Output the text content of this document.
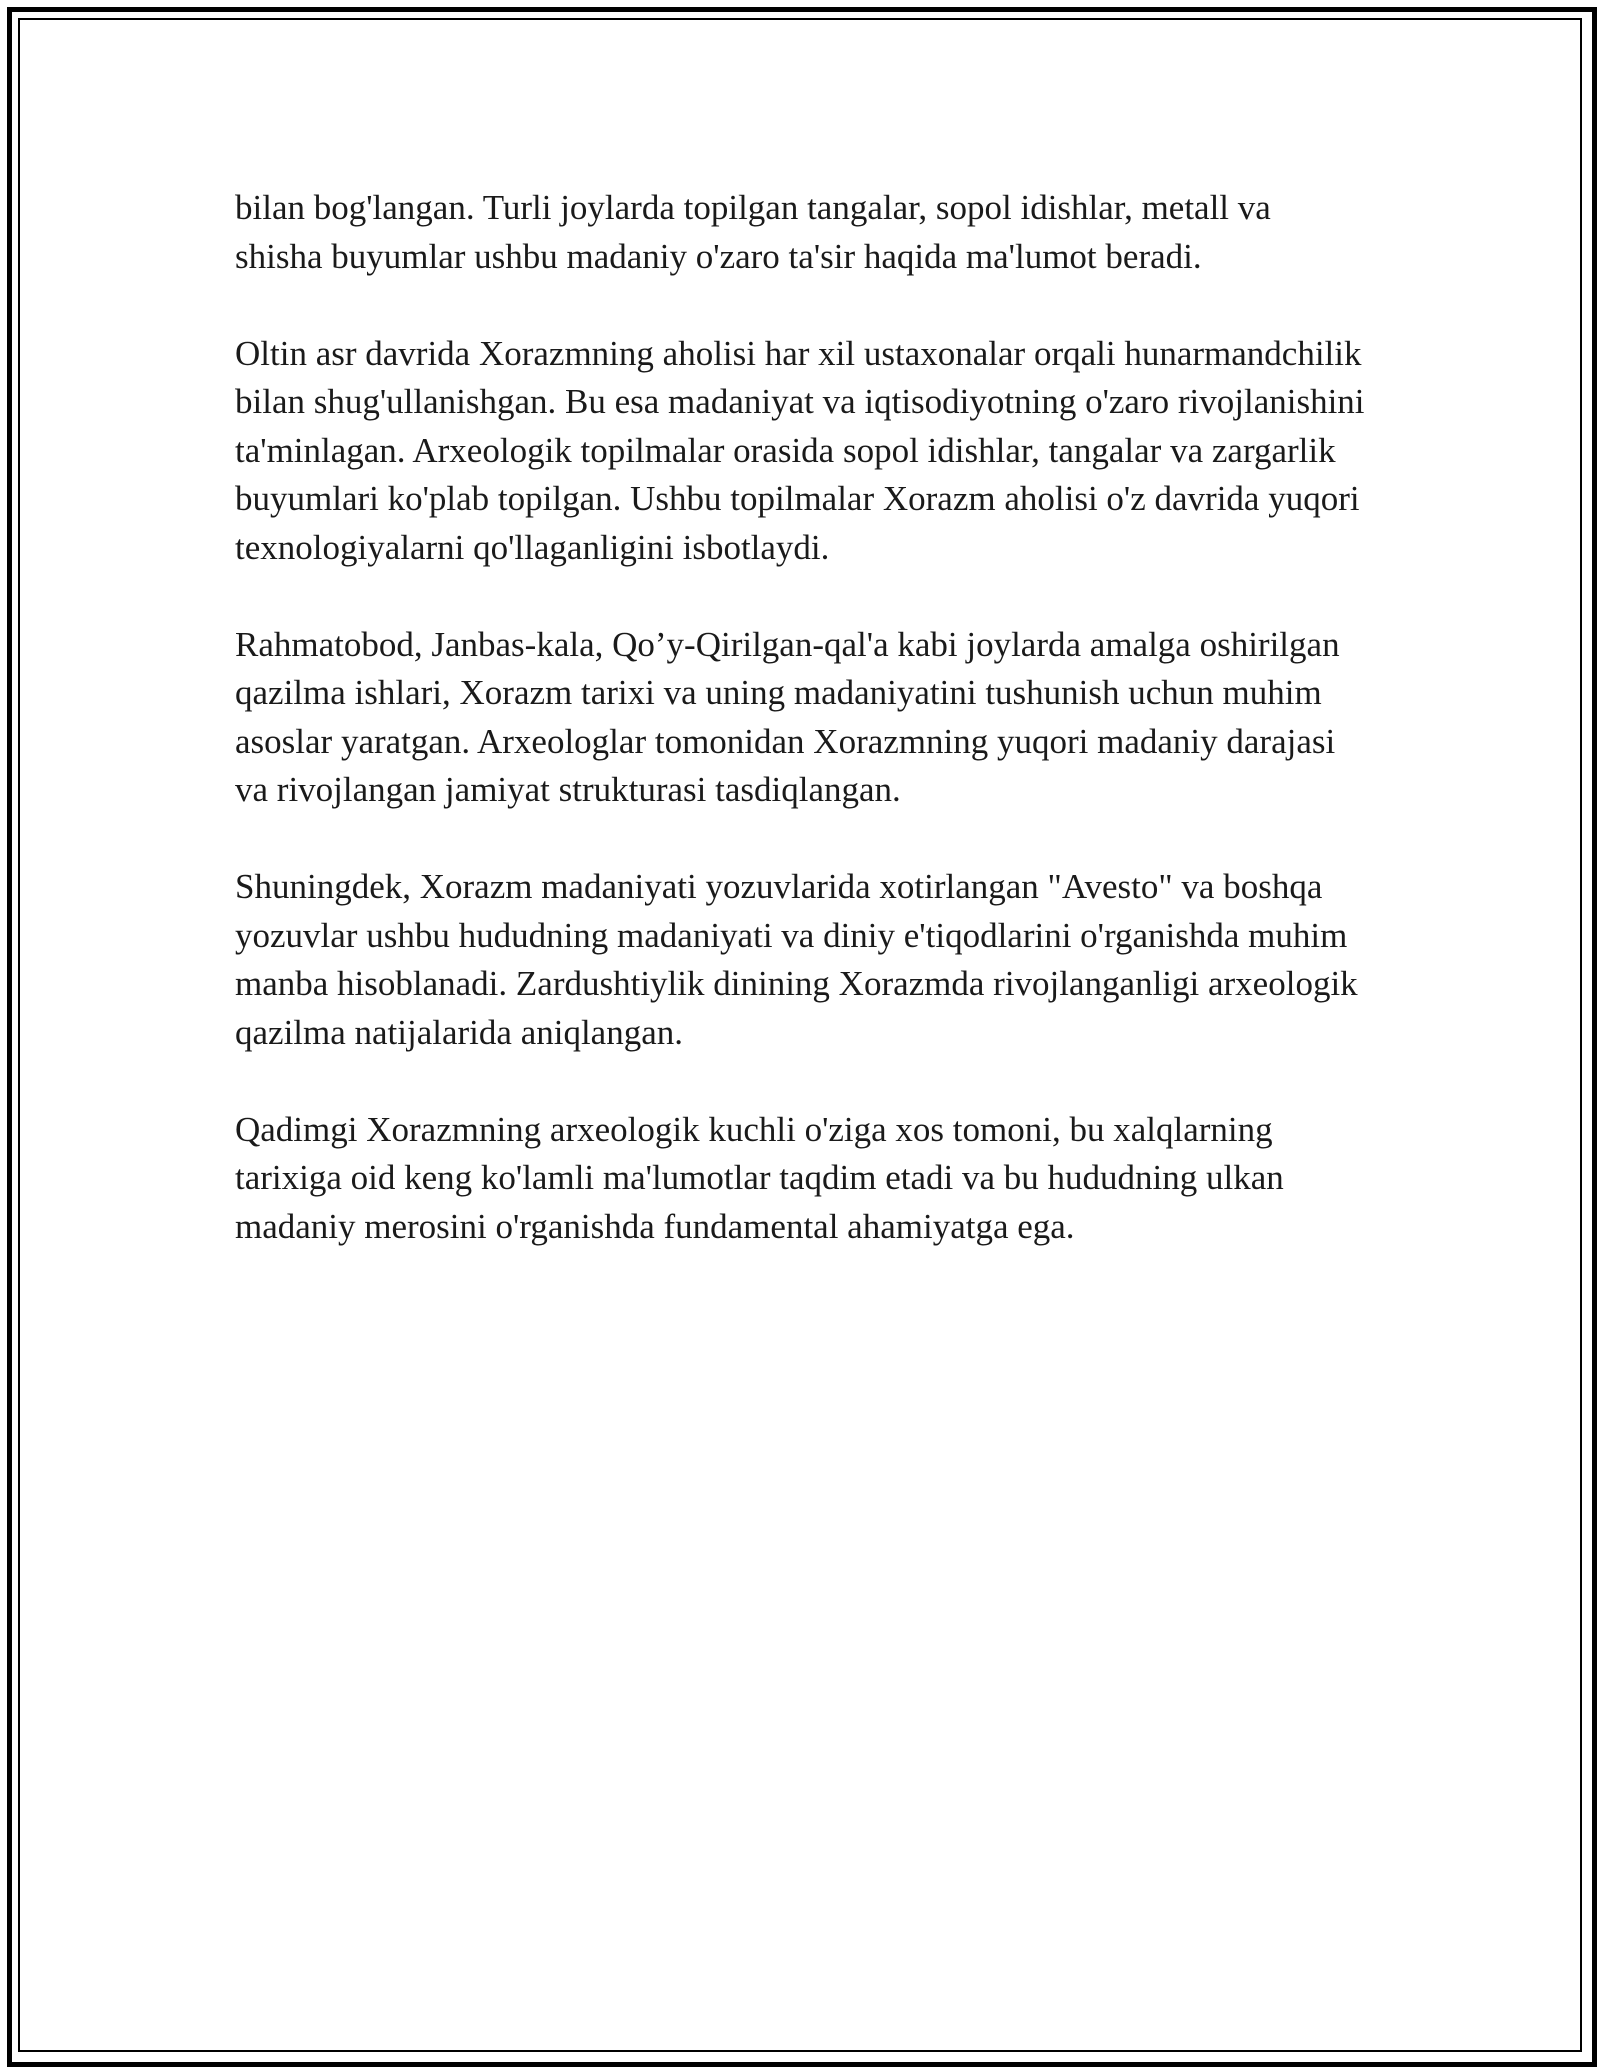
bilan bog'langan. Turli joylarda topilgan tangalar, sopol idishlar, metall va shisha buyumlar ushbu madaniy o'zaro ta'sir haqida ma'lumot beradi.

Oltin asr davrida Xorazmning aholisi har xil ustaxonalar orqali hunarmandchilik bilan shug'ullanishgan. Bu esa madaniyat va iqtisodiyotning o'zaro rivojlanishini ta'minlagan. Arxeologik topilmalar orasida sopol idishlar, tangalar va zargarlik buyumlari ko'plab topilgan. Ushbu topilmalar Xorazm aholisi o'z davrida yuqori texnologiyalarni qo'llaganligini isbotlaydi.

Rahmatobod, Janbas-kala, Qo’y-Qirilgan-qal'a kabi joylarda amalga oshirilgan qazilma ishlari, Xorazm tarixi va uning madaniyatini tushunish uchun muhim asoslar yaratgan. Arxeologlar tomonidan Xorazmning yuqori madaniy darajasi va rivojlangan jamiyat strukturasi tasdiqlangan.

Shuningdek, Xorazm madaniyati yozuvlarida xotirlangan "Avesto" va boshqa yozuvlar ushbu hududning madaniyati va diniy e'tiqodlarini o'rganishda muhim manba hisoblanadi. Zardushtiylik dinining Xorazmda rivojlanganligi arxeologik qazilma natijalarida aniqlangan.

Qadimgi Xorazmning arxeologik kuchli o'ziga xos tomoni, bu xalqlarning tarixiga oid keng ko'lamli ma'lumotlar taqdim etadi va bu hududning ulkan madaniy merosini o'rganishda fundamental ahamiyatga ega.
